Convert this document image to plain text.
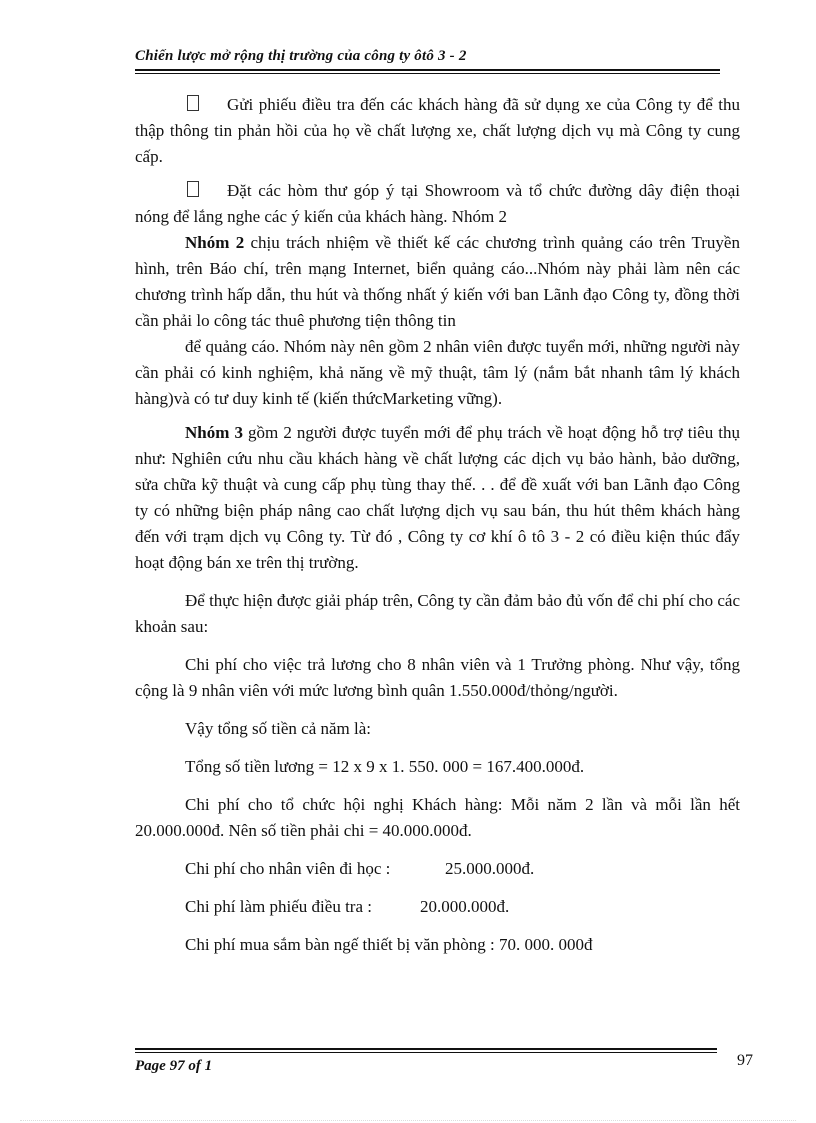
Chiến lược mở rộng thị trường của công ty ôtô 3 - 2

Gửi phiếu điều tra đến các khách hàng đã sử dụng xe của Công ty để thu thập thông tin phản hồi của họ về chất lượng xe, chất lượng dịch vụ mà Công ty cung cấp.

Đặt các hòm thư góp ý tại Showroom và tổ chức đường dây điện thoại nóng để lắng nghe các ý kiến của khách hàng. Nhóm 2

Nhóm 2 chịu trách nhiệm về thiết kế các chương trình quảng cáo trên Truyền hình, trên Báo chí, trên mạng Internet, biển quảng cáo...Nhóm này phải làm nên các chương trình hấp dẫn, thu hút và thống nhất ý kiến với ban Lãnh đạo Công ty, đồng thời cần phải lo công tác thuê phương tiện thông tin

để quảng cáo. Nhóm này nên gồm 2 nhân viên được tuyển mới, những người này cần phải có kinh nghiệm, khả năng về mỹ thuật, tâm lý (nắm bắt nhanh tâm lý khách hàng)và có tư duy kinh tế (kiến thứcMarketing vững).

Nhóm 3 gồm 2 người được tuyển mới để phụ trách về hoạt động hỗ trợ tiêu thụ như: Nghiên cứu nhu cầu khách hàng về chất lượng các dịch vụ bảo hành, bảo dưỡng, sửa chữa kỹ thuật và cung cấp phụ tùng thay thế. . . để đề xuất với ban Lãnh đạo Công ty có những biện pháp nâng cao chất lượng dịch vụ sau bán, thu hút thêm khách hàng đến với trạm dịch vụ Công ty. Từ đó , Công ty cơ khí ô tô 3 - 2 có điều kiện thúc đẩy hoạt động bán xe trên thị trường.

Để thực hiện được giải pháp trên, Công ty cần đảm bảo đủ vốn để chi phí cho các khoản sau:

Chi phí cho việc trả lương cho 8 nhân viên và 1 Trưởng phòng. Như vậy, tổng cộng là 9 nhân viên với mức lương bình quân 1.550.000đ/thỏng/người.

Vậy tổng số tiền cả năm là:

Tổng số tiền lương = 12 x 9 x 1. 550. 000 = 167.400.000đ.

Chi phí cho tổ chức hội nghị Khách hàng: Mỗi năm 2 lần và mỗi lần hết 20.000.000đ. Nên số tiền phải chi = 40.000.000đ.

Chi phí cho nhân viên đi học :	25.000.000đ.

Chi phí làm phiếu điều tra :	20.000.000đ.

Chi phí mua sắm bàn ngế thiết bị văn phòng : 70. 000. 000đ

Page 97 of 1	97
